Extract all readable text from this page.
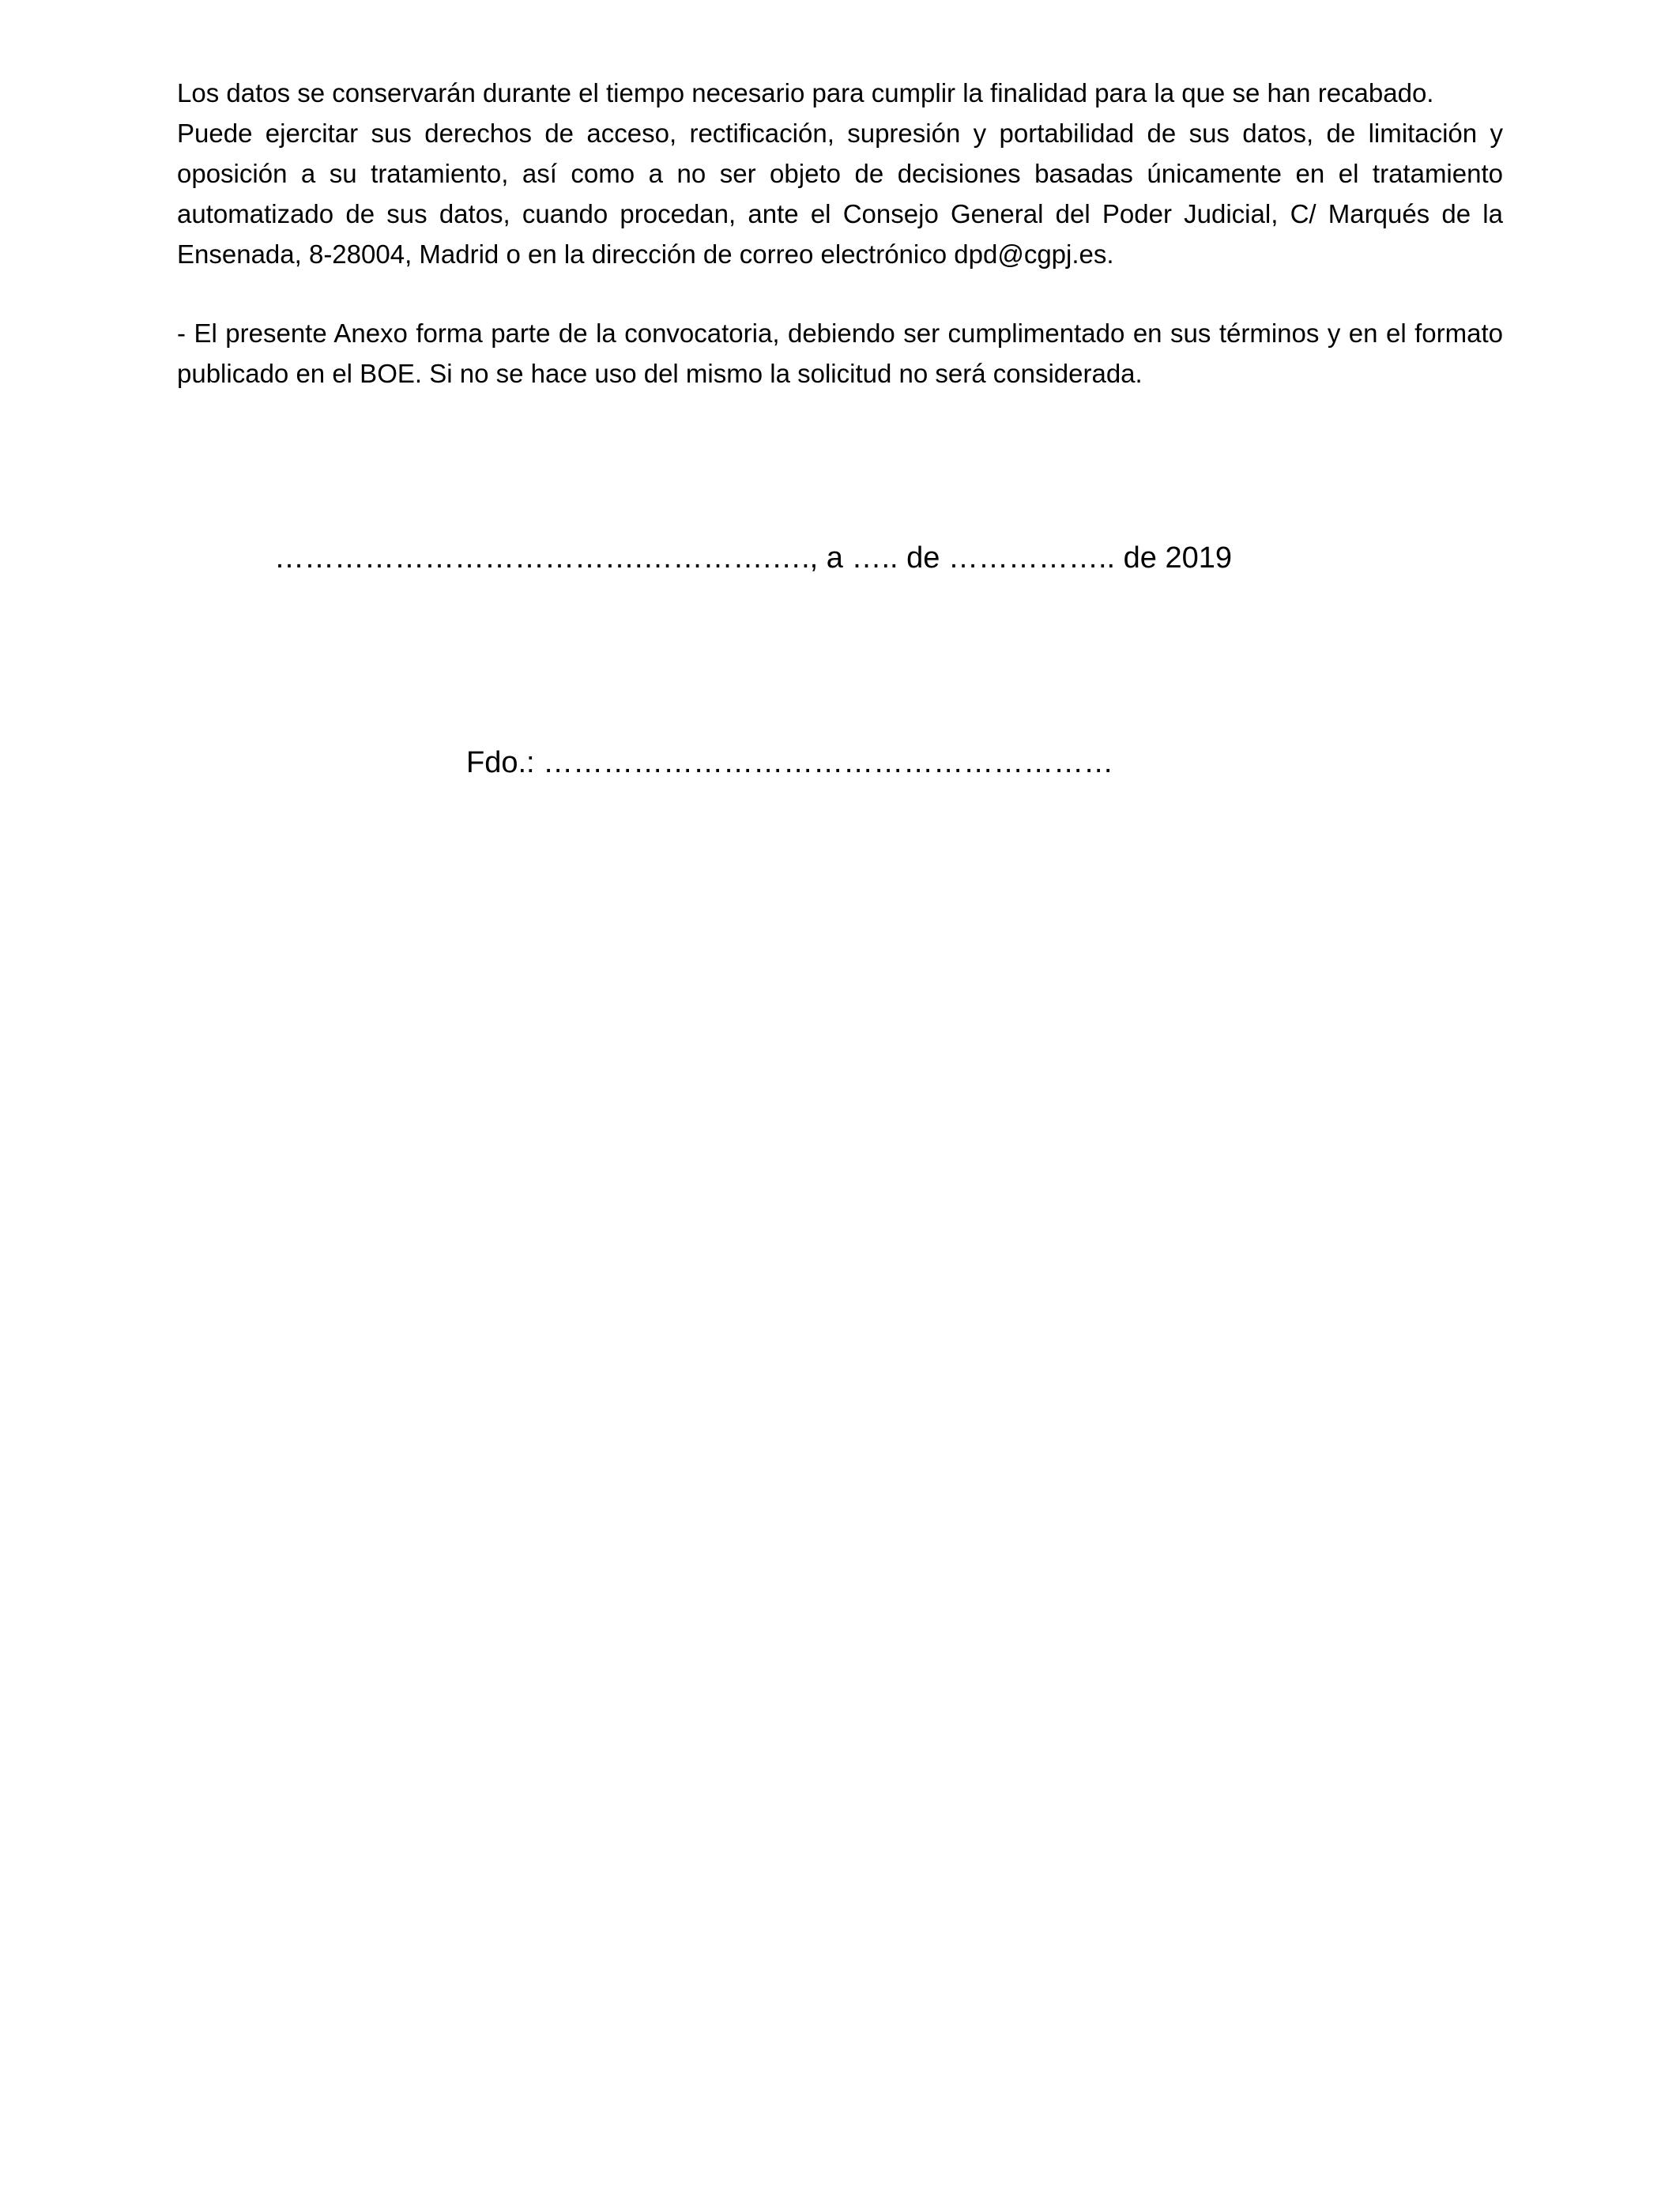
Los datos se conservarán durante el tiempo necesario para cumplir la finalidad para la que se han recabado.
Puede ejercitar sus derechos de acceso, rectificación, supresión y portabilidad de sus datos, de limitación y
oposición a su tratamiento, así como a no ser objeto de decisiones basadas únicamente en el tratamiento
automatizado de sus datos, cuando procedan, ante el Consejo General del Poder Judicial, C/ Marqués de la
Ensenada, 8-28004, Madrid o en la dirección de correo electrónico dpd@cgpj.es.
- El presente Anexo forma parte de la convocatoria, debiendo ser cumplimentado en sus términos y en el formato
publicado en el BOE. Si no se hace uso del mismo la solicitud no será considerada.
……………………………….………….…., a ….. de …………….. de 2019
Fdo.: …………………………………………………
